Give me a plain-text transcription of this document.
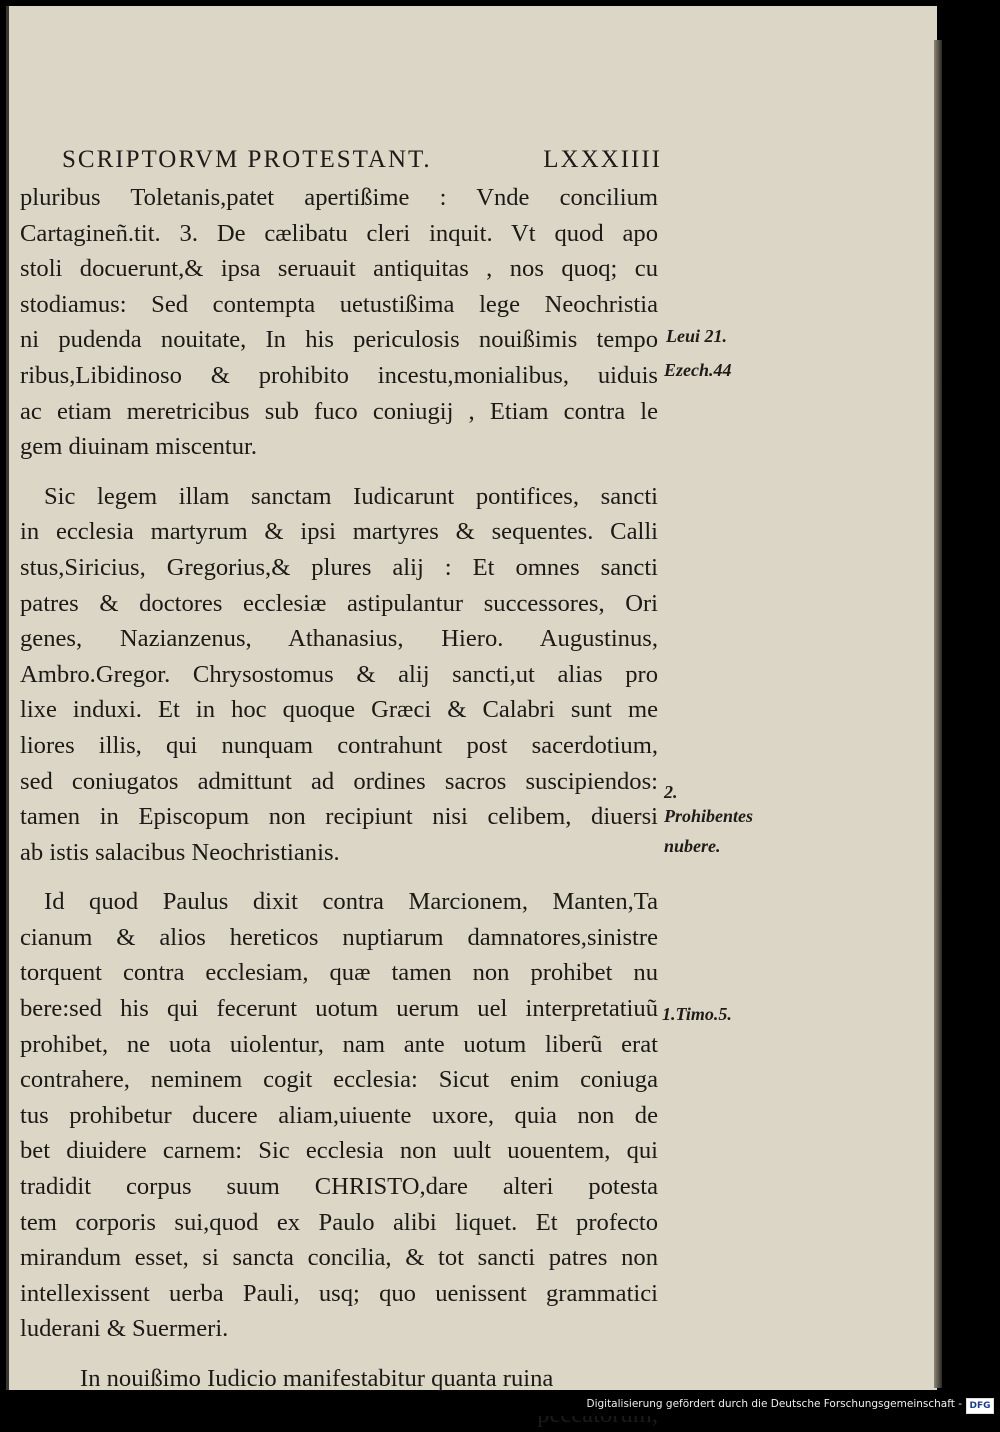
SCRIPTORVM PROTESTANT.	LXXXIIII
pluribus Toletanis,patet apertißime : Vnde concilium
Cartagineñ.tit. 3. De cælibatu cleri inquit. Vt quod apo
stoli docuerunt,& ipsa seruauit antiquitas , nos quoq; cu
stodiamus: Sed contempta uetustißima lege Neochristia
ni pudenda nouitate, In his periculosis nouißimis tempo
ribus,Libidinoso & prohibito incestu,monialibus, uiduis
ac etiam meretricibus sub fuco coniugij , Etiam contra le
gem diuinam miscentur.
Sic legem illam sanctam Iudicarunt pontifices, sancti
in ecclesia martyrum & ipsi martyres & sequentes. Calli
stus,Siricius, Gregorius,& plures alij : Et omnes sancti
patres & doctores ecclesiæ astipulantur successores, Ori
genes, Nazianzenus, Athanasius, Hiero. Augustinus,
Ambro.Gregor. Chrysostomus & alij sancti,ut alias pro
lixe induxi. Et in hoc quoque Græci & Calabri sunt me
liores illis, qui nunquam contrahunt post sacerdotium,
sed coniugatos admittunt ad ordines sacros suscipiendos:
tamen in Episcopum non recipiunt nisi celibem, diuersi
ab istis salacibus Neochristianis.
Id quod Paulus dixit contra Marcionem, Manten,Ta
cianum & alios hereticos nuptiarum damnatores,sinistre
torquent contra ecclesiam, quæ tamen non prohibet nu
bere:sed his qui fecerunt uotum uerum uel interpretatiuũ
prohibet, ne uota uiolentur, nam ante uotum liberũ erat
contrahere, neminem cogit ecclesia: Sicut enim coniuga
tus prohibetur ducere aliam,uiuente uxore, quia non de
bet diuidere carnem: Sic ecclesia non uult uouentem, qui
tradidit corpus suum CHRISTO,dare alteri potesta
tem corporis sui,quod ex Paulo alibi liquet. Et profecto
mirandum esset, si sancta concilia, & tot sancti patres non
intellexissent uerba Pauli, usq; quo uenissent grammatici
luderani & Suermeri.
In nouißimo Iudicio manifestabitur quanta ruina
Leui 21.
Ezech.44
2.
Prohibentes
nubere.
1.Timo.5.
Digitalisierung gefördert durch die Deutsche Forschungsgemeinschaft - DFG
